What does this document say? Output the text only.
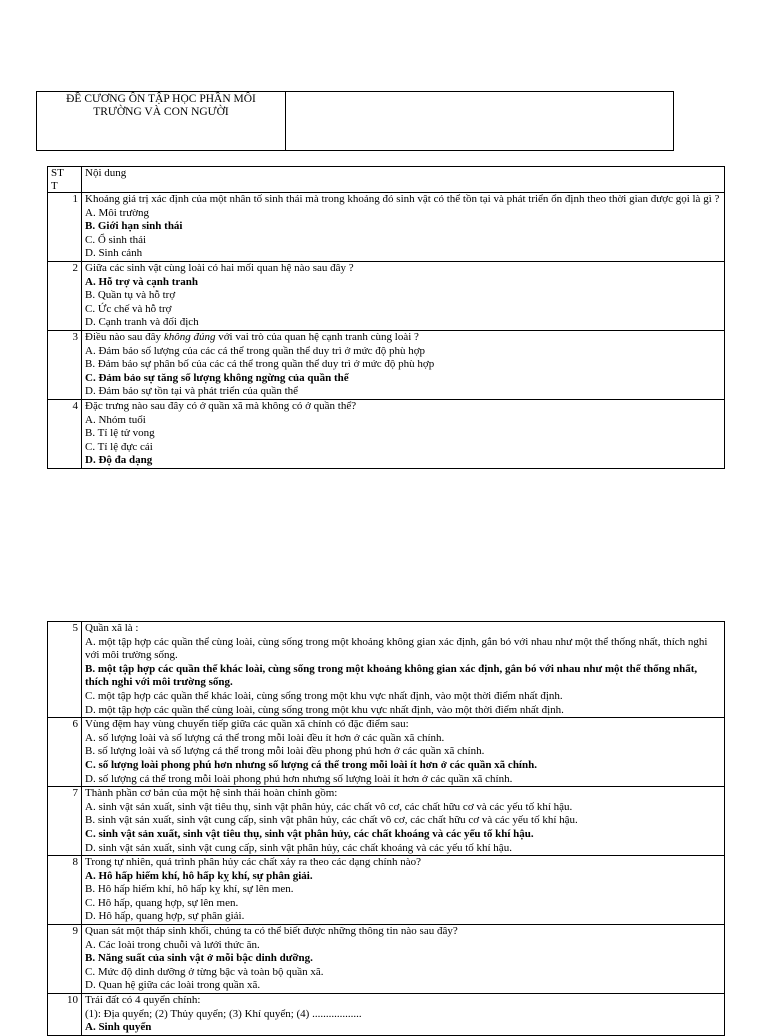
ĐỀ CƯƠNG ÔN TẬP HỌC PHẦN MÔI
TRƯỜNG VÀ CON NGƯỜI
ST
T	Nội dung
1	Khoảng giá trị xác định của một nhân tố sinh thái mà trong khoảng đó sinh vật có thể tồn tại và phát triển ổn định theo thời gian được gọi là gì ?
A. Môi trường
B. Giới hạn sinh thái
C. Ổ sinh thái
D. Sinh cảnh

2	Giữa các sinh vật cùng loài có hai mối quan hệ nào sau đây ?
A. Hỗ trợ và cạnh tranh
B. Quần tụ và hỗ trợ
C. Ức chế và hỗ trợ
D. Cạnh tranh và đối địch

3	Điều nào sau đây không đúng với vai trò của quan hệ cạnh tranh cùng loài ?
A. Đảm bảo số lượng của các cá thể trong quần thể duy trì ở mức độ phù hợp
B. Đảm bảo sự phân bố của các cá thể trong quần thể duy trì ở mức độ phù hợp
C. Đảm bảo sự tăng số lượng không ngừng của quần thể
D. Đảm bảo sự tồn tại và phát triển của quần thể

4	Đặc trưng nào sau đây có ở quần xã mà không có ở quần thể?
A. Nhóm tuổi
B. Tỉ lệ tử vong
C. Tỉ lệ đực cái
D. Độ đa dạng
5	Quần xã là :
A. một tập hợp các quần thể cùng loài, cùng sống trong một khoảng không gian xác định, gắn bó với nhau như một thể thống nhất, thích nghi với môi trường sống.
B. một tập hợp các quần thể khác loài, cùng sống trong một khoảng không gian xác định, gắn bó với nhau như một thể thống nhất, thích nghi với môi trường sống.
C. một tập hợp các quần thể khác loài, cùng sống trong một khu vực nhất định, vào một thời điểm nhất định.
D. một tập hợp các quần thể cùng loài, cùng sống trong một khu vực nhất định, vào một thời điểm nhất định.

6	Vùng đệm hay vùng chuyển tiếp giữa các quần xã chính có đặc điểm sau:
A. số lượng loài và số lượng cá thể trong mỗi loài đều ít hơn ở các quần xã chính.
B. số lượng loài và số lượng cá thể trong mỗi loài đều phong phú hơn ở các quần xã chính.
C. số lượng loài phong phú hơn nhưng số lượng cá thể trong mỗi loài ít hơn ở các quần xã chính.
D. số lượng cá thể trong mỗi loài phong phú hơn nhưng số lượng loài ít hơn ở các quần xã chính.

7	Thành phần cơ bản của một hệ sinh thái hoàn chỉnh gồm:
A. sinh vật sản xuất, sinh vật tiêu thụ, sinh vật phân hủy, các chất vô cơ, các chất hữu cơ và các yếu tố khí hậu.
B. sinh vật sản xuất, sinh vật cung cấp, sinh vật phân hủy, các chất vô cơ, các chất hữu cơ và các yếu tố khí hậu.
C. sinh vật sản xuất, sinh vật tiêu thụ, sinh vật phân hủy, các chất khoáng và các yếu tố khí hậu.
D. sinh vật sản xuất, sinh vật cung cấp, sinh vật phân hủy, các chất khoáng và các yếu tố khí hậu.

8	Trong tự nhiên, quá trình phân hủy các chất xảy ra theo các dạng chính nào?
A. Hô hấp hiếm khí, hô hấp kỵ khí, sự phân giải.
B. Hô hấp hiếm khí, hô hấp kỵ khí, sự lên men.
C. Hô hấp, quang hợp, sự lên men.
D. Hô hấp, quang hợp, sự phân giải.

9	Quan sát một tháp sinh khối, chúng ta có thể biết được những thông tin nào sau đây?
A. Các loài trong chuỗi và lưới thức ăn.
B. Năng suất của sinh vật ở mỗi bậc dinh dưỡng.
C. Mức độ dinh dưỡng ở từng bậc và toàn bộ quần xã.
D. Quan hệ giữa các loài trong quần xã.

10	Trái đất có 4 quyển chính:
(1): Địa quyển; (2) Thủy quyển; (3) Khí quyển; (4) ..................
A. Sinh quyển
